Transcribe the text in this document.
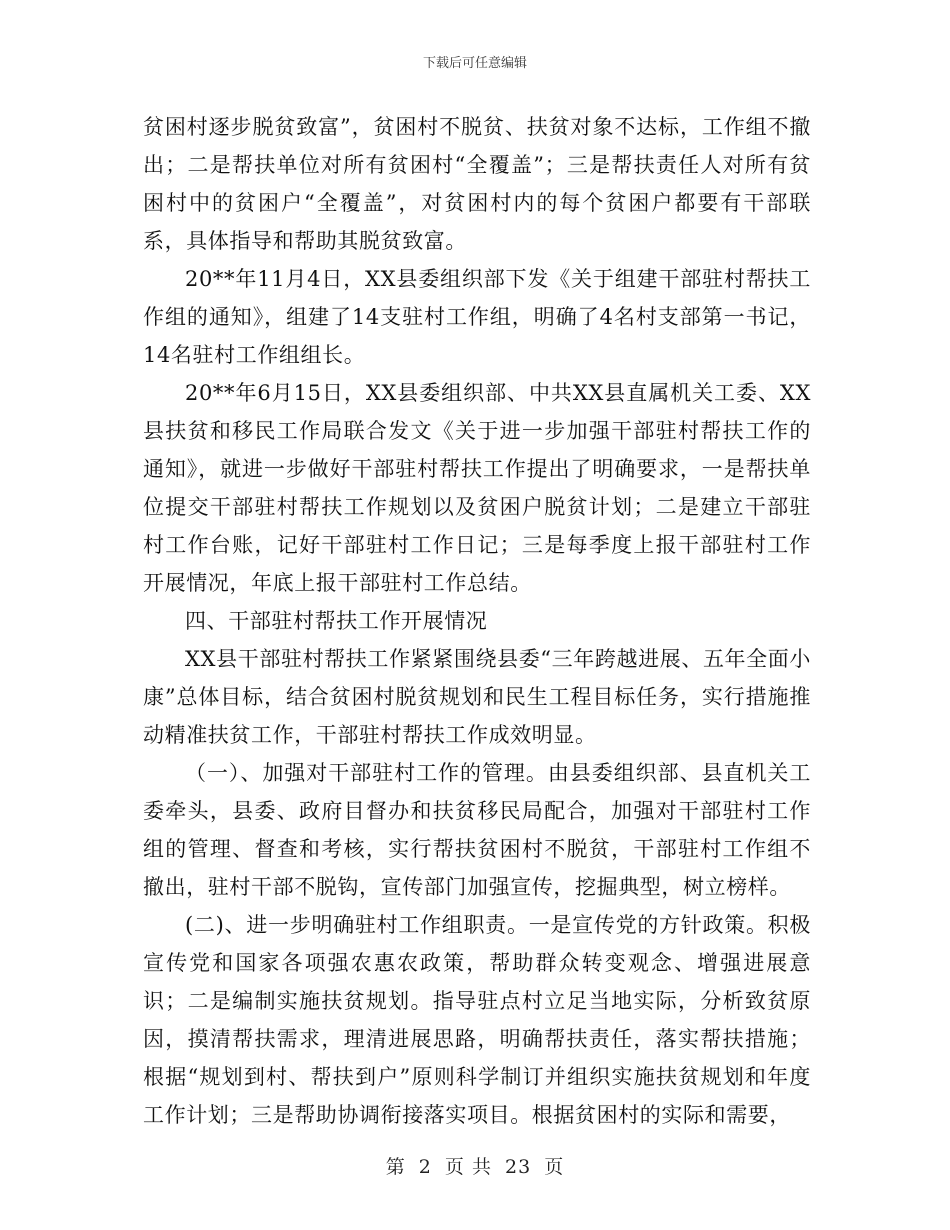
下载后可任意编辑

贫困村逐步脱贫致富”，贫困村不脱贫、扶贫对象不达标，工作组不撤出；二是帮扶单位对所有贫困村“全覆盖”；三是帮扶责任人对所有贫困村中的贫困户“全覆盖”，对贫困村内的每个贫困户都要有干部联系，具体指导和帮助其脱贫致富。

20**年11月4日，XX县委组织部下发《关于组建干部驻村帮扶工作组的通知》，组建了14支驻村工作组，明确了4名村支部第一书记，14名驻村工作组组长。

20**年6月15日，XX县委组织部、中共XX县直属机关工委、XX县扶贫和移民工作局联合发文《关于进一步加强干部驻村帮扶工作的通知》，就进一步做好干部驻村帮扶工作提出了明确要求，一是帮扶单位提交干部驻村帮扶工作规划以及贫困户脱贫计划；二是建立干部驻村工作台账，记好干部驻村工作日记；三是每季度上报干部驻村工作开展情况，年底上报干部驻村工作总结。

四、干部驻村帮扶工作开展情况

XX县干部驻村帮扶工作紧紧围绕县委“三年跨越进展、五年全面小康”总体目标，结合贫困村脱贫规划和民生工程目标任务，实行措施推动精准扶贫工作，干部驻村帮扶工作成效明显。

（一）、加强对干部驻村工作的管理。由县委组织部、县直机关工委牵头，县委、政府目督办和扶贫移民局配合，加强对干部驻村工作组的管理、督查和考核，实行帮扶贫困村不脱贫，干部驻村工作组不撤出，驻村干部不脱钩，宣传部门加强宣传，挖掘典型，树立榜样。

(二)、进一步明确驻村工作组职责。一是宣传党的方针政策。积极宣传党和国家各项强农惠农政策，帮助群众转变观念、增强进展意识；二是编制实施扶贫规划。指导驻点村立足当地实际，分析致贫原因，摸清帮扶需求，理清进展思路，明确帮扶责任，落实帮扶措施；根据“规划到村、帮扶到户”原则科学制订并组织实施扶贫规划和年度工作计划；三是帮助协调衔接落实项目。根据贫困村的实际和需要，

第 2 页 共 23 页
